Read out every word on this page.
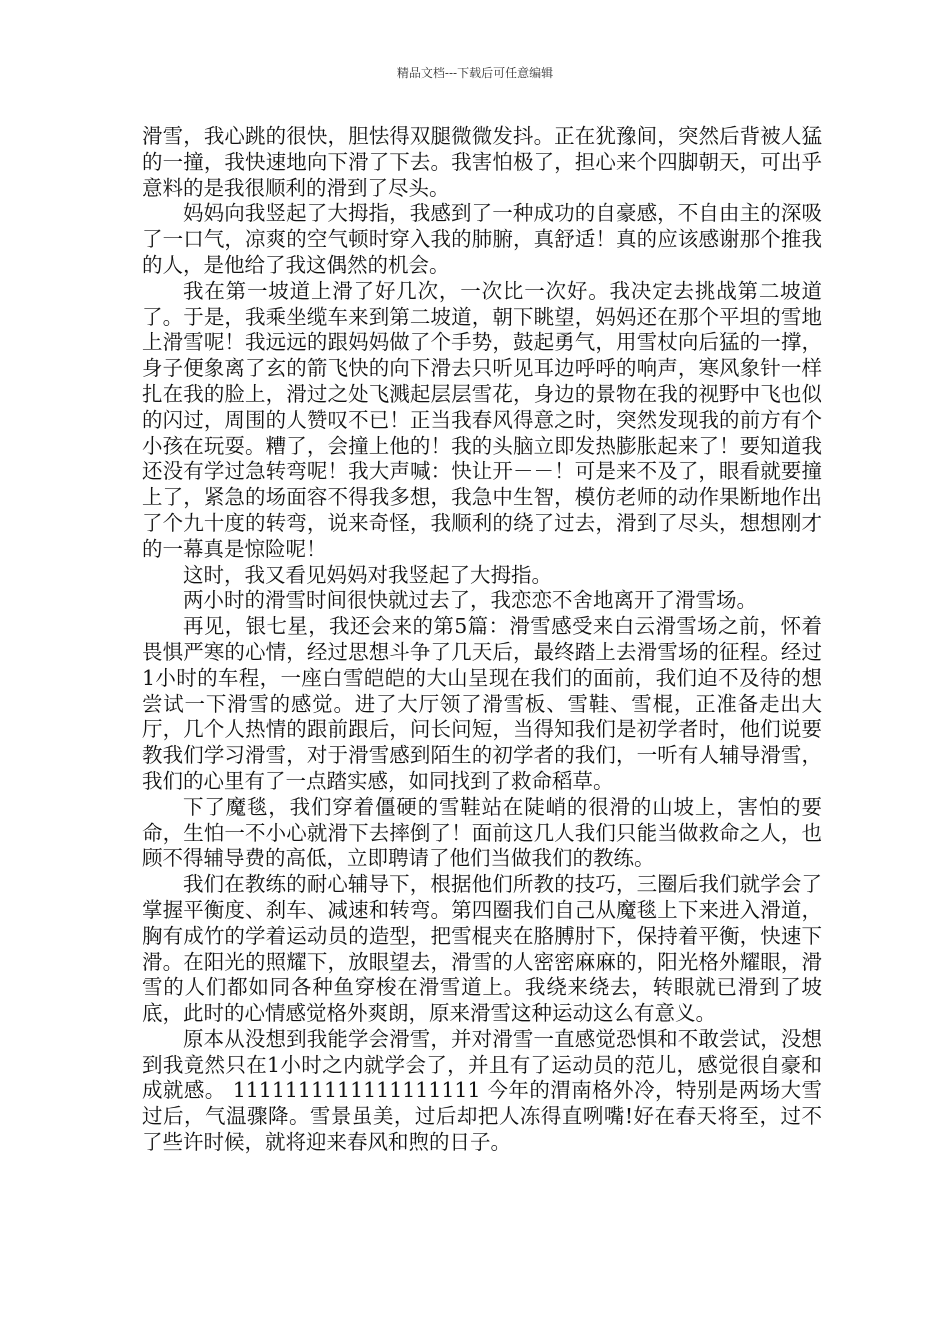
精品文档---下载后可任意编辑

滑雪，我心跳的很快，胆怯得双腿微微发抖。正在犹豫间，突然后背被人猛的一撞，我快速地向下滑了下去。我害怕极了，担心来个四脚朝天，可出乎意料的是我很顺利的滑到了尽头。

妈妈向我竖起了大拇指，我感到了一种成功的自豪感，不自由主的深吸了一口气，凉爽的空气顿时穿入我的肺腑，真舒适！真的应该感谢那个推我的人，是他给了我这偶然的机会。

我在第一坡道上滑了好几次，一次比一次好。我决定去挑战第二坡道了。于是，我乘坐缆车来到第二坡道，朝下眺望，妈妈还在那个平坦的雪地上滑雪呢！我远远的跟妈妈做了个手势，鼓起勇气，用雪杖向后猛的一撑，身子便象离了玄的箭飞快的向下滑去只听见耳边呼呼的响声，寒风象针一样扎在我的脸上，滑过之处飞溅起层层雪花，身边的景物在我的视野中飞也似的闪过，周围的人赞叹不已！正当我春风得意之时，突然发现我的前方有个小孩在玩耍。糟了，会撞上他的！我的头脑立即发热膨胀起来了！要知道我还没有学过急转弯呢！我大声喊：快让开－－！可是来不及了，眼看就要撞上了，紧急的场面容不得我多想，我急中生智，模仿老师的动作果断地作出了个九十度的转弯，说来奇怪，我顺利的绕了过去，滑到了尽头，想想刚才的一幕真是惊险呢！

这时，我又看见妈妈对我竖起了大拇指。

两小时的滑雪时间很快就过去了，我恋恋不舍地离开了滑雪场。

再见，银七星，我还会来的第5篇：滑雪感受来白云滑雪场之前，怀着畏惧严寒的心情，经过思想斗争了几天后，最终踏上去滑雪场的征程。经过1小时的车程，一座白雪皑皑的大山呈现在我们的面前，我们迫不及待的想尝试一下滑雪的感觉。进了大厅领了滑雪板、雪鞋、雪棍，正准备走出大厅，几个人热情的跟前跟后，问长问短，当得知我们是初学者时，他们说要教我们学习滑雪，对于滑雪感到陌生的初学者的我们，一听有人辅导滑雪，我们的心里有了一点踏实感，如同找到了救命稻草。

下了魔毯，我们穿着僵硬的雪鞋站在陡峭的很滑的山坡上，害怕的要命，生怕一不小心就滑下去摔倒了！面前这几人我们只能当做救命之人，也顾不得辅导费的高低，立即聘请了他们当做我们的教练。

我们在教练的耐心辅导下，根据他们所教的技巧，三圈后我们就学会了掌握平衡度、刹车、减速和转弯。第四圈我们自己从魔毯上下来进入滑道，胸有成竹的学着运动员的造型，把雪棍夹在胳膊肘下，保持着平衡，快速下滑。在阳光的照耀下，放眼望去，滑雪的人密密麻麻的，阳光格外耀眼，滑雪的人们都如同各种鱼穿梭在滑雪道上。我绕来绕去，转眼就已滑到了坡底，此时的心情感觉格外爽朗，原来滑雪这种运动这么有意义。

原本从没想到我能学会滑雪，并对滑雪一直感觉恐惧和不敢尝试，没想到我竟然只在1小时之内就学会了，并且有了运动员的范儿，感觉很自豪和成就感。 1111111111111111111 今年的渭南格外冷，特别是两场大雪过后，气温骤降。雪景虽美，过后却把人冻得直咧嘴!好在春天将至，过不了些许时候，就将迎来春风和煦的日子。
